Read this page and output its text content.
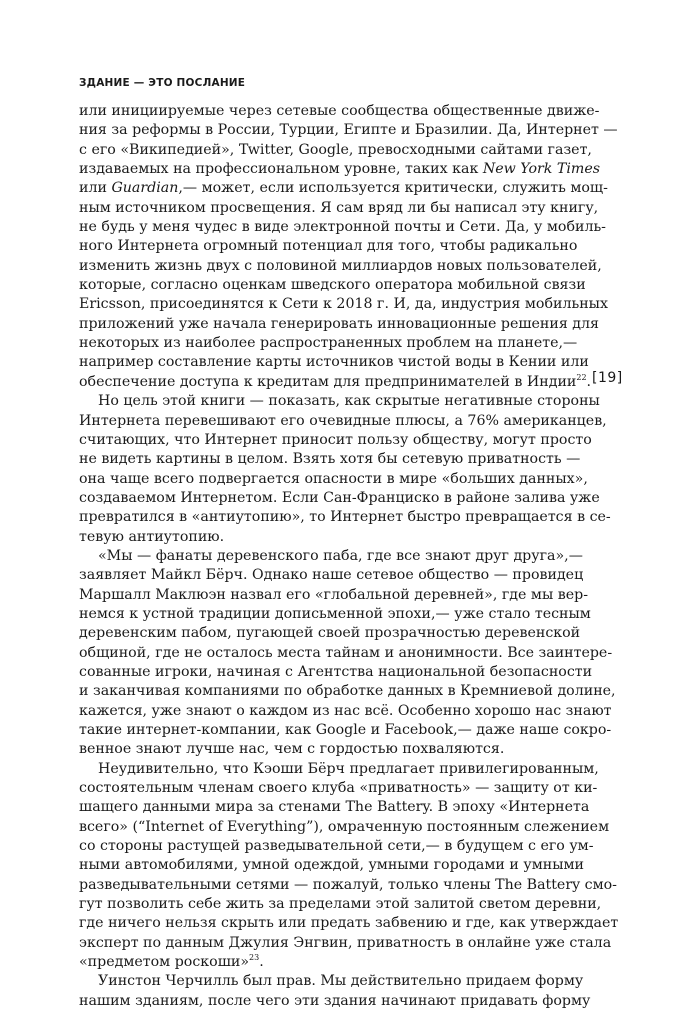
ЗДАНИЕ — ЭТО ПОСЛАНИЕ
или инициируемые через сетевые сообщества общественные движе-
ния за реформы в России, Турции, Египте и Бразилии. Да, Интернет —
с его «Википедией», Twitter, Google, превосходными сайтами газет,
издаваемых на профессиональном уровне, таких как New York Times
или Guardian,— может, если используется критически, служить мощ-
ным источником просвещения. Я сам вряд ли бы написал эту книгу,
не будь у меня чудес в виде электронной почты и Сети. Да, у мобиль-
ного Интернета огромный потенциал для того, чтобы радикально
изменить жизнь двух с половиной миллиардов новых пользователей,
которые, согласно оценкам шведского оператора мобильной связи
Ericsson, присоединятся к Сети к 2018 г. И, да, индустрия мобильных
приложений уже начала генерировать инновационные решения для
некоторых из наиболее распространенных проблем на планете,—
например составление карты источников чистой воды в Кении или
обеспечение доступа к кредитам для предпринимателей в Индии$^{22}$.
Но цель этой книги — показать, как скрытые негативные стороны
Интернета перевешивают его очевидные плюсы, а 76% американцев,
считающих, что Интернет приносит пользу обществу, могут просто
не видеть картины в целом. Взять хотя бы сетевую приватность —
она чаще всего подвергается опасности в мире «больших данных»,
создаваемом Интернетом. Если Сан-Франциско в районе залива уже
превратился в «антиутопию», то Интернет быстро превращается в се-
тевую антиутопию.
«Мы — фанаты деревенского паба, где все знают друг друга»,—
заявляет Майкл Бёрч. Однако наше сетевое общество — провидец
Маршалл Маклюэн назвал его «глобальной деревней», где мы вер-
немся к устной традиции дописьменной эпохи,— уже стало тесным
деревенским пабом, пугающей своей прозрачностью деревенской
общиной, где не осталось места тайнам и анонимности. Все заинтере-
сованные игроки, начиная с Агентства национальной безопасности
и заканчивая компаниями по обработке данных в Кремниевой долине,
кажется, уже знают о каждом из нас всё. Особенно хорошо нас знают
такие интернет-компании, как Google и Facebook,— даже наше сокро-
венное знают лучше нас, чем с гордостью похваляются.
Неудивительно, что Кэоши Бёрч предлагает привилегированным,
состоятельным членам своего клуба «приватность» — защиту от ки-
шащего данными мира за стенами The Battery. В эпоху «Интернета
всего» (“Internet of Everything”), омраченную постоянным слежением
со стороны растущей разведывательной сети,— в будущем с его ум-
ными автомобилями, умной одеждой, умными городами и умными
разведывательными сетями — пожалуй, только члены The Battery смо-
гут позволить себе жить за пределами этой залитой светом деревни,
где ничего нельзя скрыть или предать забвению и где, как утверждает
эксперт по данным Джулия Энгвин, приватность в онлайне уже стала
«предметом роскоши»$^{23}$.
Уинстон Черчилль был прав. Мы действительно придаем форму
нашим зданиям, после чего эти здания начинают придавать форму
[19]
